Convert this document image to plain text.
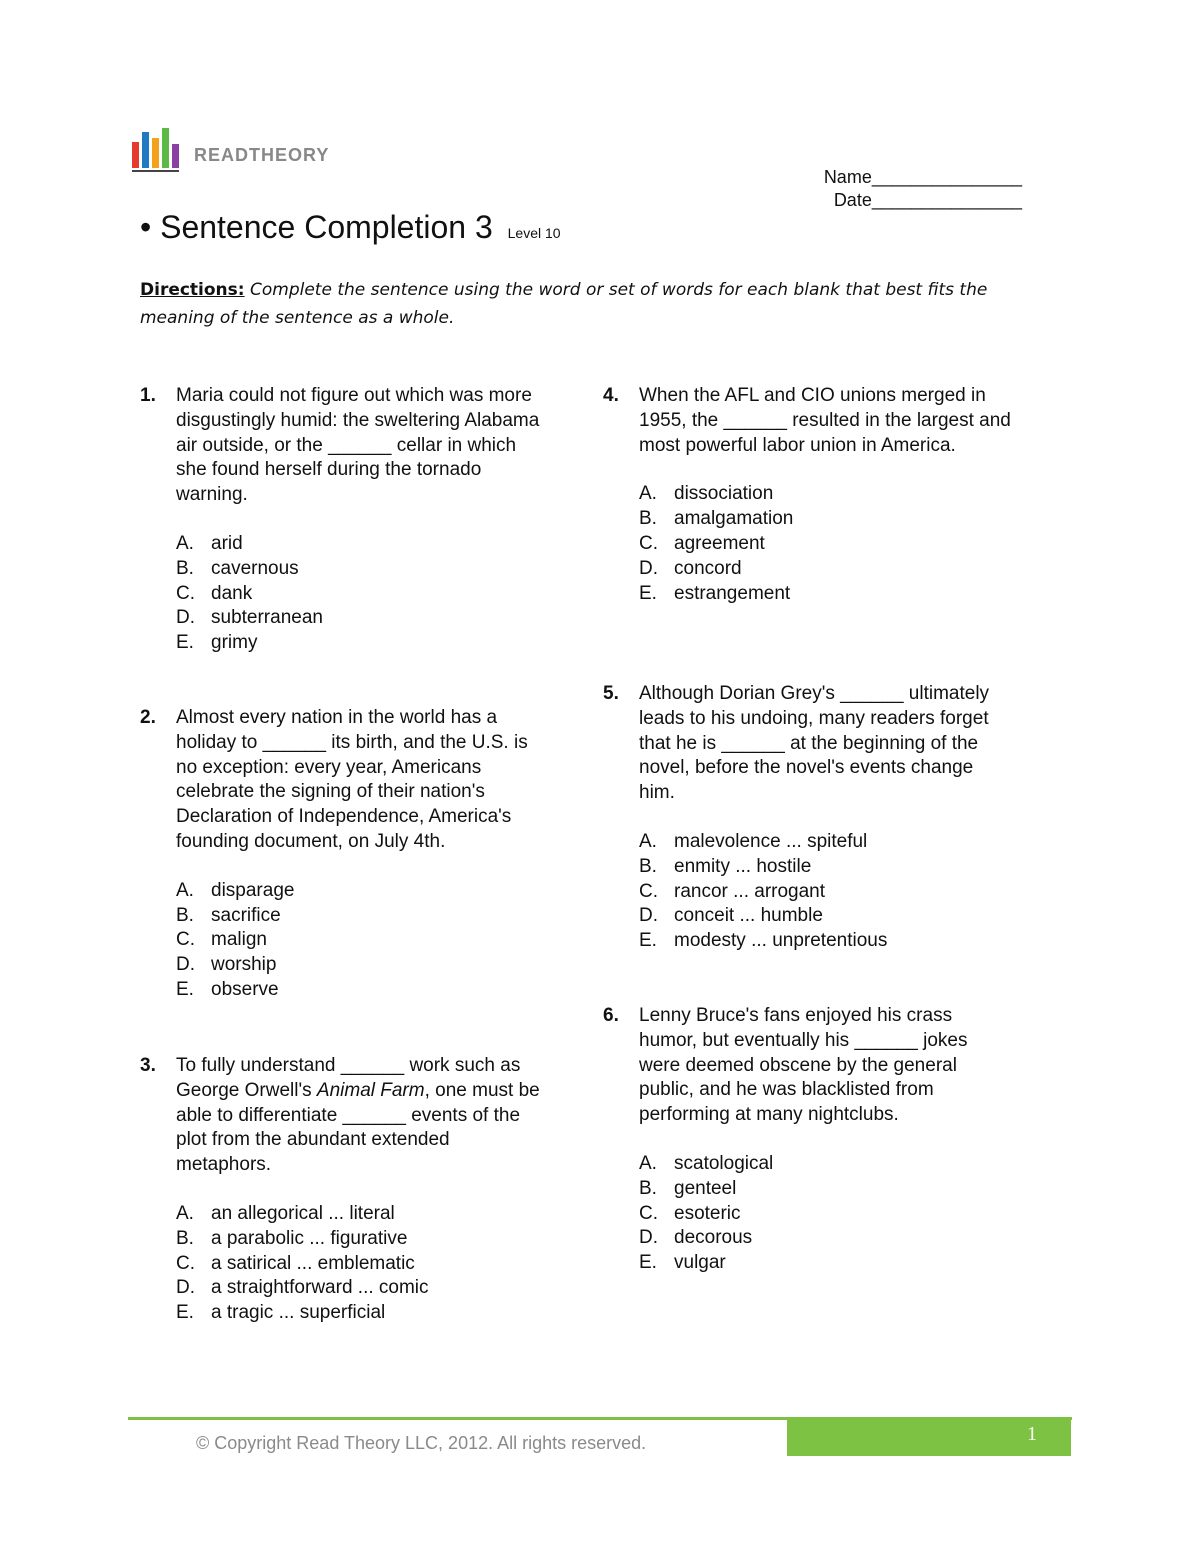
READTHEORY
Name_______________
Date_______________
• Sentence Completion 3 Level 10
Directions: Complete the sentence using the word or set of words for each blank that best fits the meaning of the sentence as a whole.
1. Maria could not figure out which was more disgustingly humid: the sweltering Alabama air outside, or the ______ cellar in which she found herself during the tornado warning.
A. arid
B. cavernous
C. dank
D. subterranean
E. grimy
2. Almost every nation in the world has a holiday to ______ its birth, and the U.S. is no exception: every year, Americans celebrate the signing of their nation's Declaration of Independence, America's founding document, on July 4th.
A. disparage
B. sacrifice
C. malign
D. worship
E. observe
3. To fully understand ______ work such as George Orwell's Animal Farm, one must be able to differentiate ______ events of the plot from the abundant extended metaphors.
A. an allegorical ... literal
B. a parabolic ... figurative
C. a satirical ... emblematic
D. a straightforward ... comic
E. a tragic ... superficial
4. When the AFL and CIO unions merged in 1955, the ______ resulted in the largest and most powerful labor union in America.
A. dissociation
B. amalgamation
C. agreement
D. concord
E. estrangement
5. Although Dorian Grey's ______ ultimately leads to his undoing, many readers forget that he is ______ at the beginning of the novel, before the novel's events change him.
A. malevolence ... spiteful
B. enmity ... hostile
C. rancor ... arrogant
D. conceit ... humble
E. modesty ... unpretentious
6. Lenny Bruce's fans enjoyed his crass humor, but eventually his ______ jokes were deemed obscene by the general public, and he was blacklisted from performing at many nightclubs.
A. scatological
B. genteel
C. esoteric
D. decorous
E. vulgar
© Copyright Read Theory LLC, 2012. All rights reserved.	1
